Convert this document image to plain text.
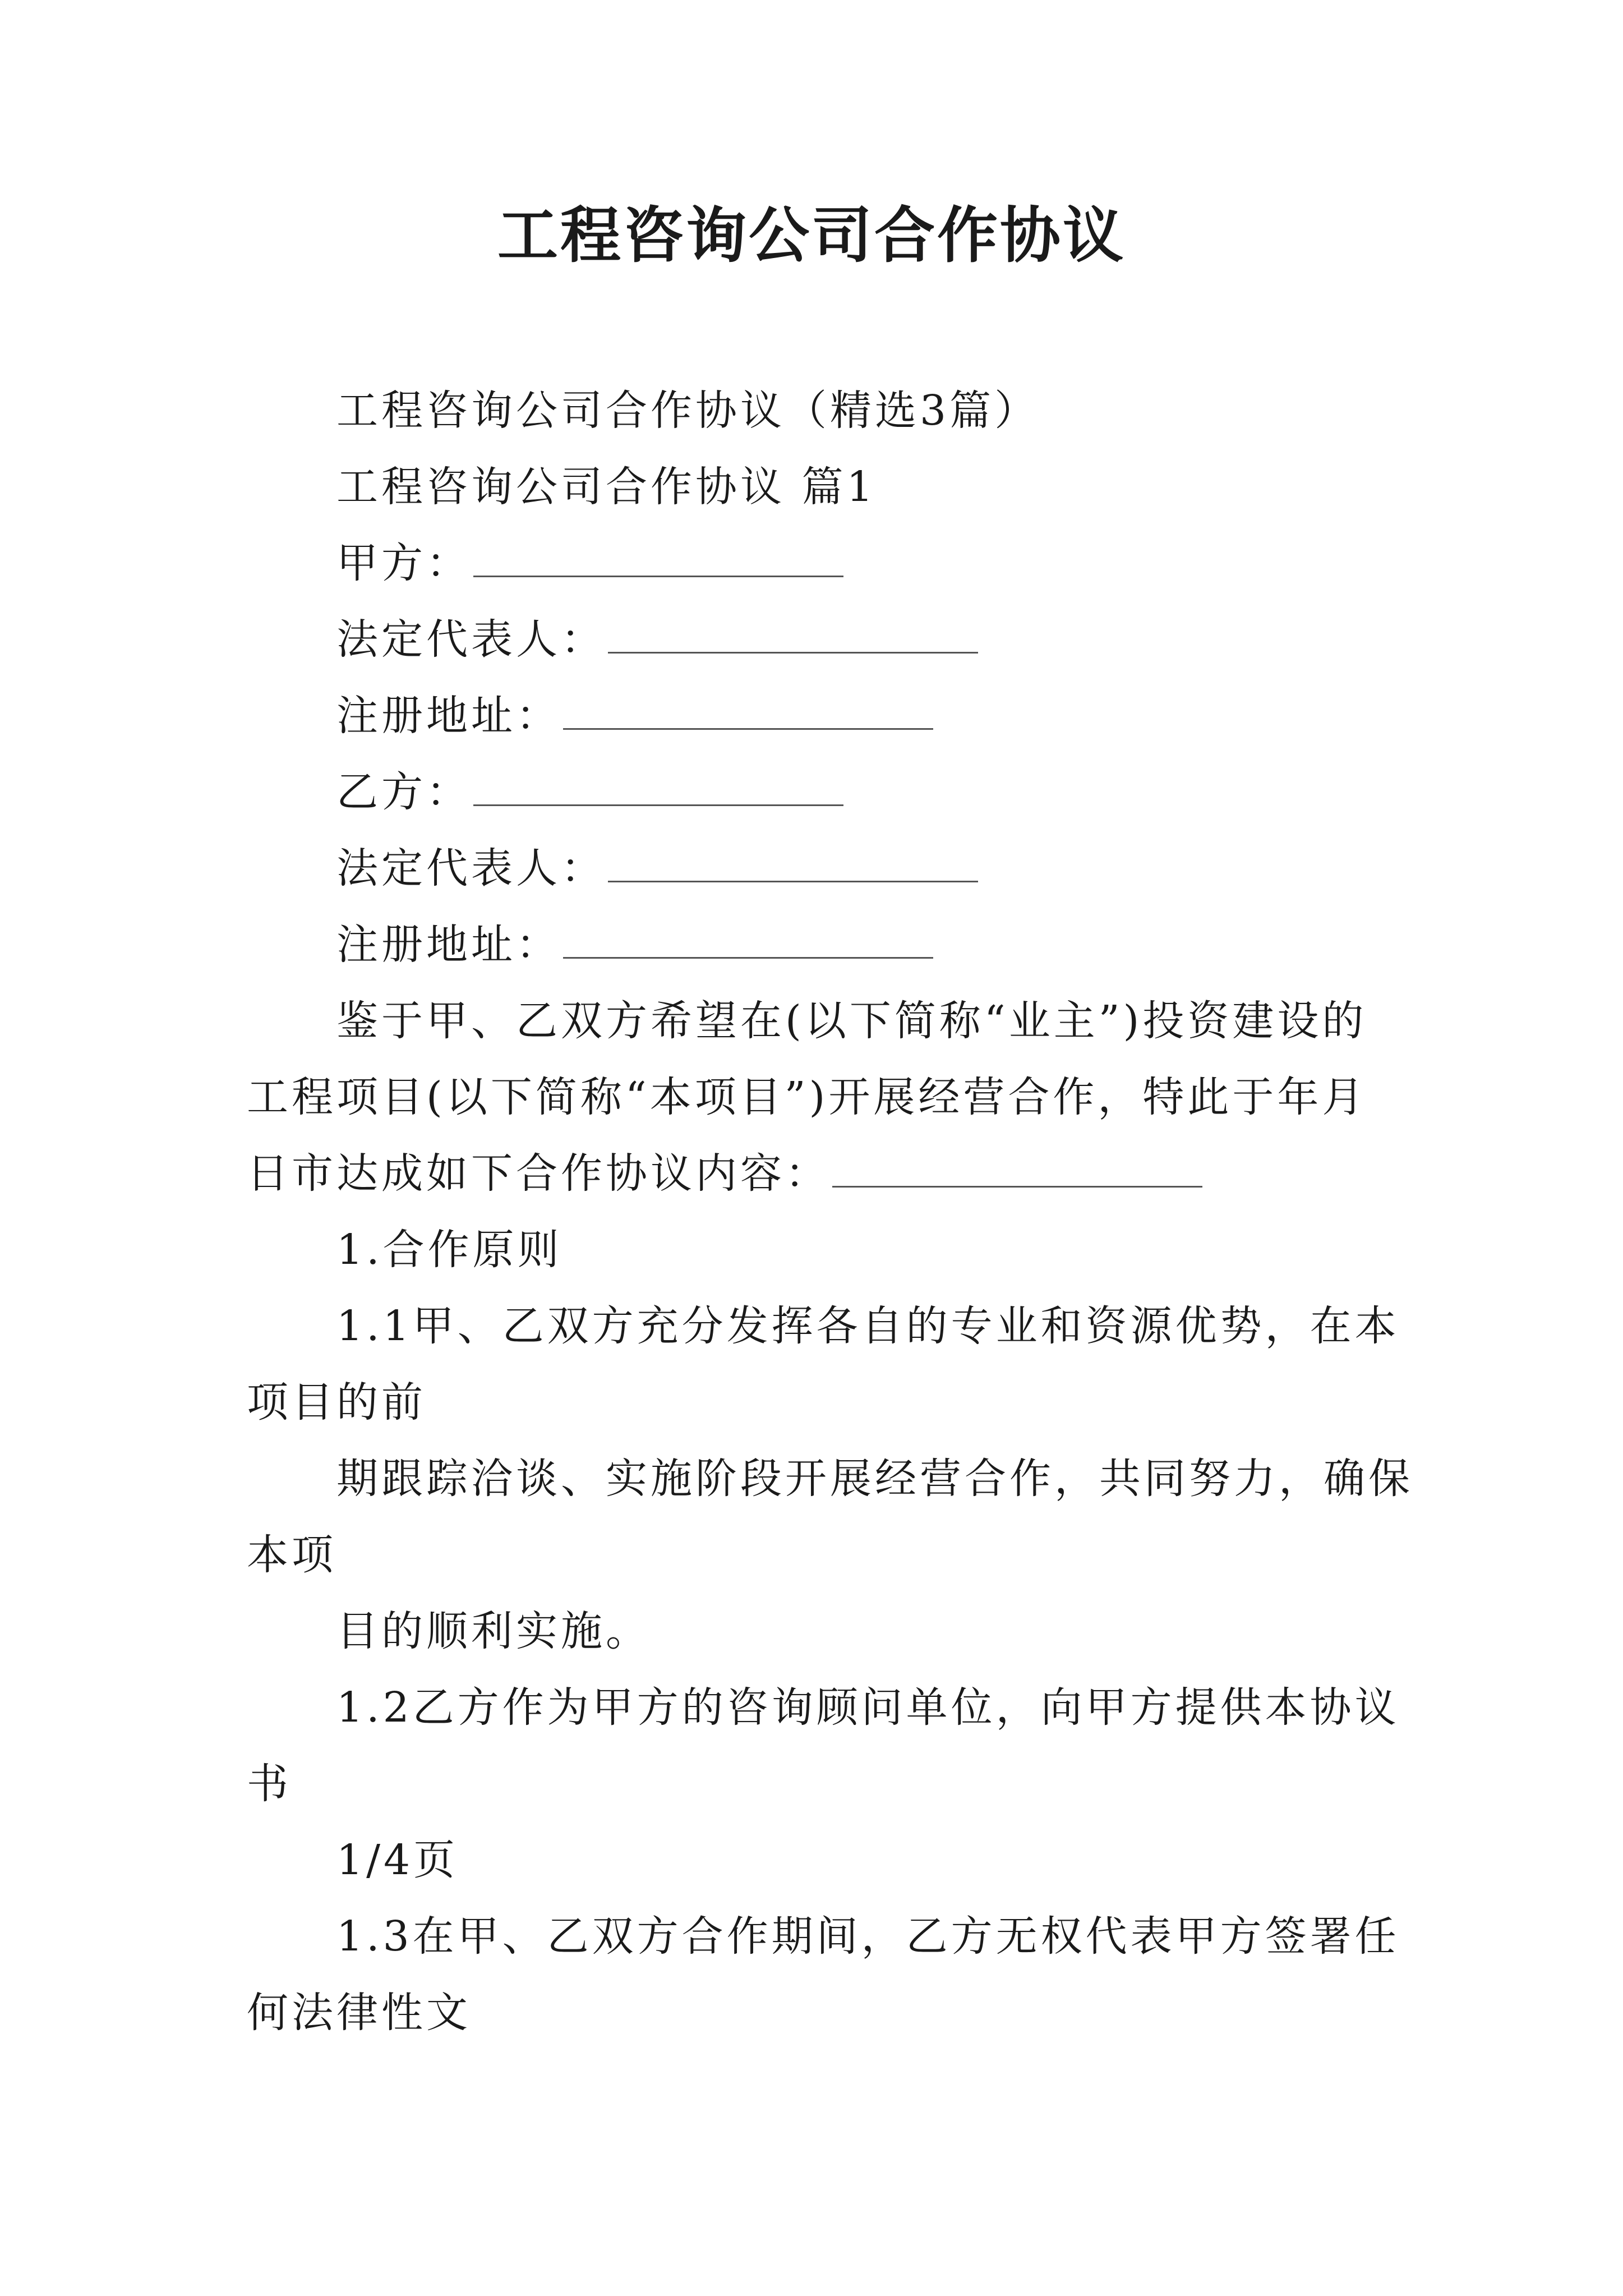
工程咨询公司合作协议
工程咨询公司合作协议（精选3篇）
工程咨询公司合作协议 篇1
甲方：
法定代表人：
注册地址：
乙方：
法定代表人：
注册地址：
鉴于甲、乙双方希望在(以下简称“业主”)投资建设的
工程项目(以下简称“本项目”)开展经营合作，特此于年月
日市达成如下合作协议内容：
1.合作原则
1.1甲、乙双方充分发挥各自的专业和资源优势，在本
项目的前
期跟踪洽谈、实施阶段开展经营合作，共同努力，确保
本项
目的顺利实施。
1.2乙方作为甲方的咨询顾问单位，向甲方提供本协议
书
1/4页
1.3在甲、乙双方合作期间，乙方无权代表甲方签署任
何法律性文
